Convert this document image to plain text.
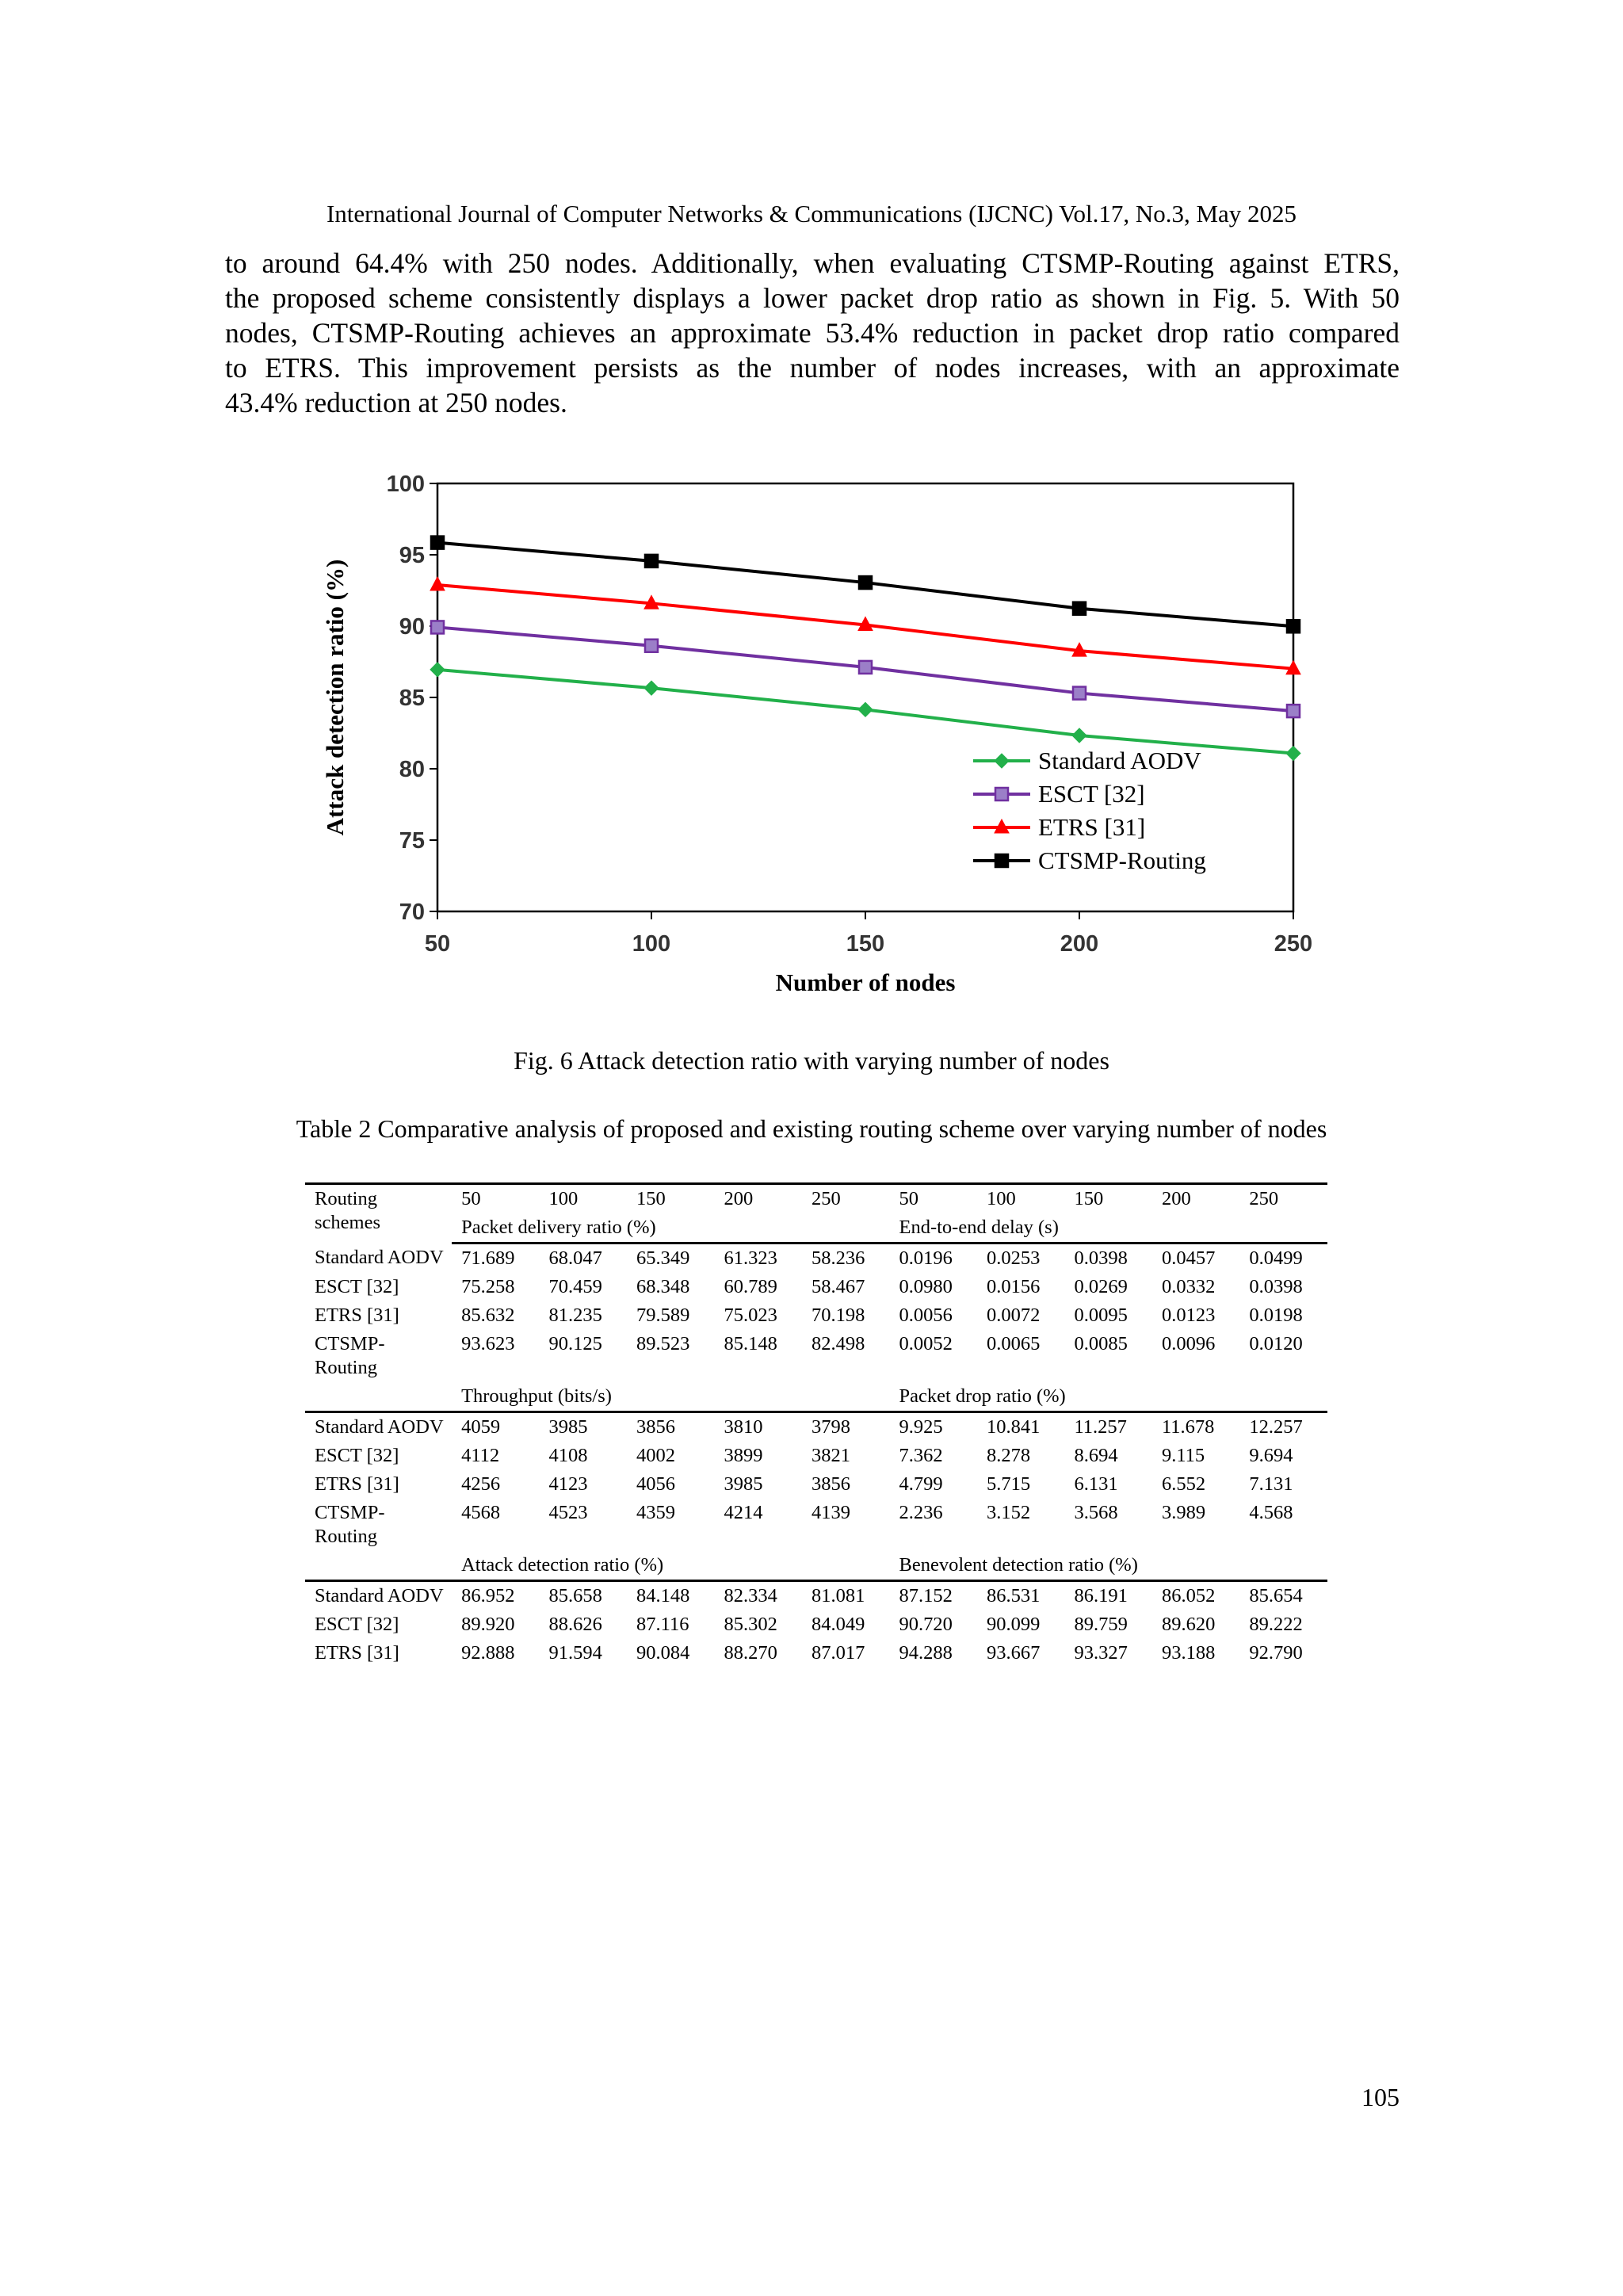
International Journal of Computer Networks & Communications (IJCNC) Vol.17, No.3, May 2025
to around 64.4% with 250 nodes. Additionally, when evaluating CTSMP-Routing against ETRS,
the proposed scheme consistently displays a lower packet drop ratio as shown in Fig. 5. With 50
nodes, CTSMP-Routing achieves an approximate 53.4% reduction in packet drop ratio compared
to ETRS. This improvement persists as the number of nodes increases, with an approximate
43.4% reduction at 250 nodes.
70
75
80
85
90
95
100
50	100	150	200	250
Number of nodes
Attack detection ratio (%)	Standard AODV
ESCT [32]
ETRS [31]
CTSMP-Routing
Fig. 6 Attack detection ratio with varying number of nodes
Table 2 Comparative analysis of proposed and existing routing scheme over varying number of nodes
Routing schemes	50	100	150	200	250	50	100	150	200	250
	Packet delivery ratio (%)					End-to-end delay (s)				
Standard AODV	71.689	68.047	65.349	61.323	58.236	0.0196	0.0253	0.0398	0.0457	0.0499
ESCT [32]	75.258	70.459	68.348	60.789	58.467	0.0980	0.0156	0.0269	0.0332	0.0398
ETRS [31]	85.632	81.235	79.589	75.023	70.198	0.0056	0.0072	0.0095	0.0123	0.0198
CTSMP-Routing	93.623	90.125	89.523	85.148	82.498	0.0052	0.0065	0.0085	0.0096	0.0120
	Throughput (bits/s)					Packet drop ratio (%)				
Standard AODV	4059	3985	3856	3810	3798	9.925	10.841	11.257	11.678	12.257
ESCT [32]	4112	4108	4002	3899	3821	7.362	8.278	8.694	9.115	9.694
ETRS [31]	4256	4123	4056	3985	3856	4.799	5.715	6.131	6.552	7.131
CTSMP-Routing	4568	4523	4359	4214	4139	2.236	3.152	3.568	3.989	4.568
	Attack detection ratio (%)					Benevolent detection ratio (%)				
Standard AODV	86.952	85.658	84.148	82.334	81.081	87.152	86.531	86.191	86.052	85.654
ESCT [32]	89.920	88.626	87.116	85.302	84.049	90.720	90.099	89.759	89.620	89.222
ETRS [31]	92.888	91.594	90.084	88.270	87.017	94.288	93.667	93.327	93.188	92.790
105
